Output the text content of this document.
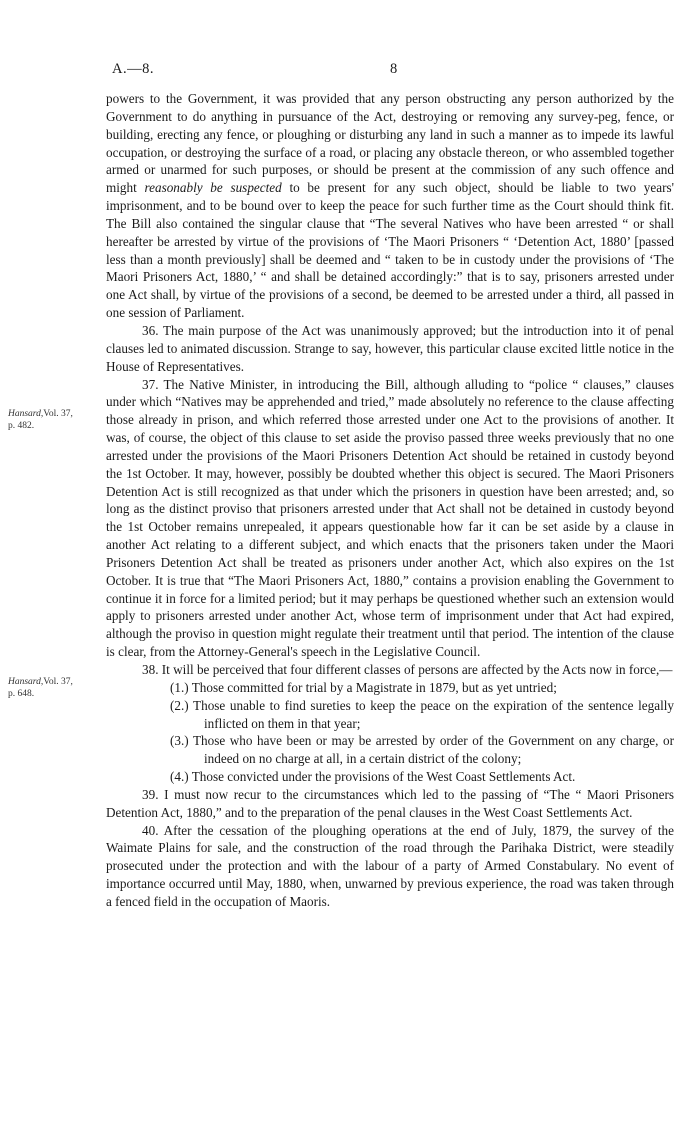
A.—8.	8
Hansard,Vol. 37,
p. 482.
Hansard,Vol. 37,
p. 648.

powers to the Government, it was provided that any person obstructing any person authorized by the Government to do anything in pursuance of the Act, destroying or removing any survey-peg, fence, or building, erecting any fence, or ploughing or disturbing any land in such a manner as to impede its lawful occupation, or destroying the surface of a road, or placing any obstacle thereon, or who assembled together armed or unarmed for such purposes, or should be present at the commission of any such offence and might reasonably be suspected to be present for any such object, should be liable to two years' imprisonment, and to be bound over to keep the peace for such further time as the Court should think fit. The Bill also contained the singular clause that “The several Natives who have been arrested “ or shall hereafter be arrested by virtue of the provisions of ‘The Maori Prisoners “ ‘Detention Act, 1880’ [passed less than a month previously] shall be deemed and “ taken to be in custody under the provisions of ‘The Maori Prisoners Act, 1880,’ “ and shall be detained accordingly:” that is to say, prisoners arrested under one Act shall, by virtue of the provisions of a second, be deemed to be arrested under a third, all passed in one session of Parliament.

36. The main purpose of the Act was unanimously approved; but the introduction into it of penal clauses led to animated discussion. Strange to say, however, this particular clause excited little notice in the House of Representatives.

37. The Native Minister, in introducing the Bill, although alluding to “police “ clauses,” clauses under which “Natives may be apprehended and tried,” made absolutely no reference to the clause affecting those already in prison, and which referred those arrested under one Act to the provisions of another. It was, of course, the object of this clause to set aside the proviso passed three weeks previously that no one arrested under the provisions of the Maori Prisoners Detention Act should be retained in custody beyond the 1st October. It may, however, possibly be doubted whether this object is secured. The Maori Prisoners Detention Act is still recognized as that under which the prisoners in question have been arrested; and, so long as the distinct proviso that prisoners arrested under that Act shall not be detained in custody beyond the 1st October remains unrepealed, it appears questionable how far it can be set aside by a clause in another Act relating to a different subject, and which enacts that the prisoners taken under the Maori Prisoners Detention Act shall be treated as prisoners under another Act, which also expires on the 1st October. It is true that “The Maori Prisoners Act, 1880,” contains a provision enabling the Government to continue it in force for a limited period; but it may perhaps be questioned whether such an extension would apply to prisoners arrested under another Act, whose term of imprisonment under that Act had expired, although the proviso in question might regulate their treatment until that period. The intention of the clause is clear, from the Attorney-General's speech in the Legislative Council.

38. It will be perceived that four different classes of persons are affected by the Acts now in force,—

(1.) Those committed for trial by a Magistrate in 1879, but as yet untried;
(2.) Those unable to find sureties to keep the peace on the expiration of the sentence legally inflicted on them in that year;
(3.) Those who have been or may be arrested by order of the Government on any charge, or indeed on no charge at all, in a certain district of the colony;
(4.) Those convicted under the provisions of the West Coast Settlements Act.

39. I must now recur to the circumstances which led to the passing of “The “ Maori Prisoners Detention Act, 1880,” and to the preparation of the penal clauses in the West Coast Settlements Act.

40. After the cessation of the ploughing operations at the end of July, 1879, the survey of the Waimate Plains for sale, and the construction of the road through the Parihaka District, were steadily prosecuted under the protection and with the labour of a party of Armed Constabulary. No event of importance occurred until May, 1880, when, unwarned by previous experience, the road was taken through a fenced field in the occupation of Maoris.
